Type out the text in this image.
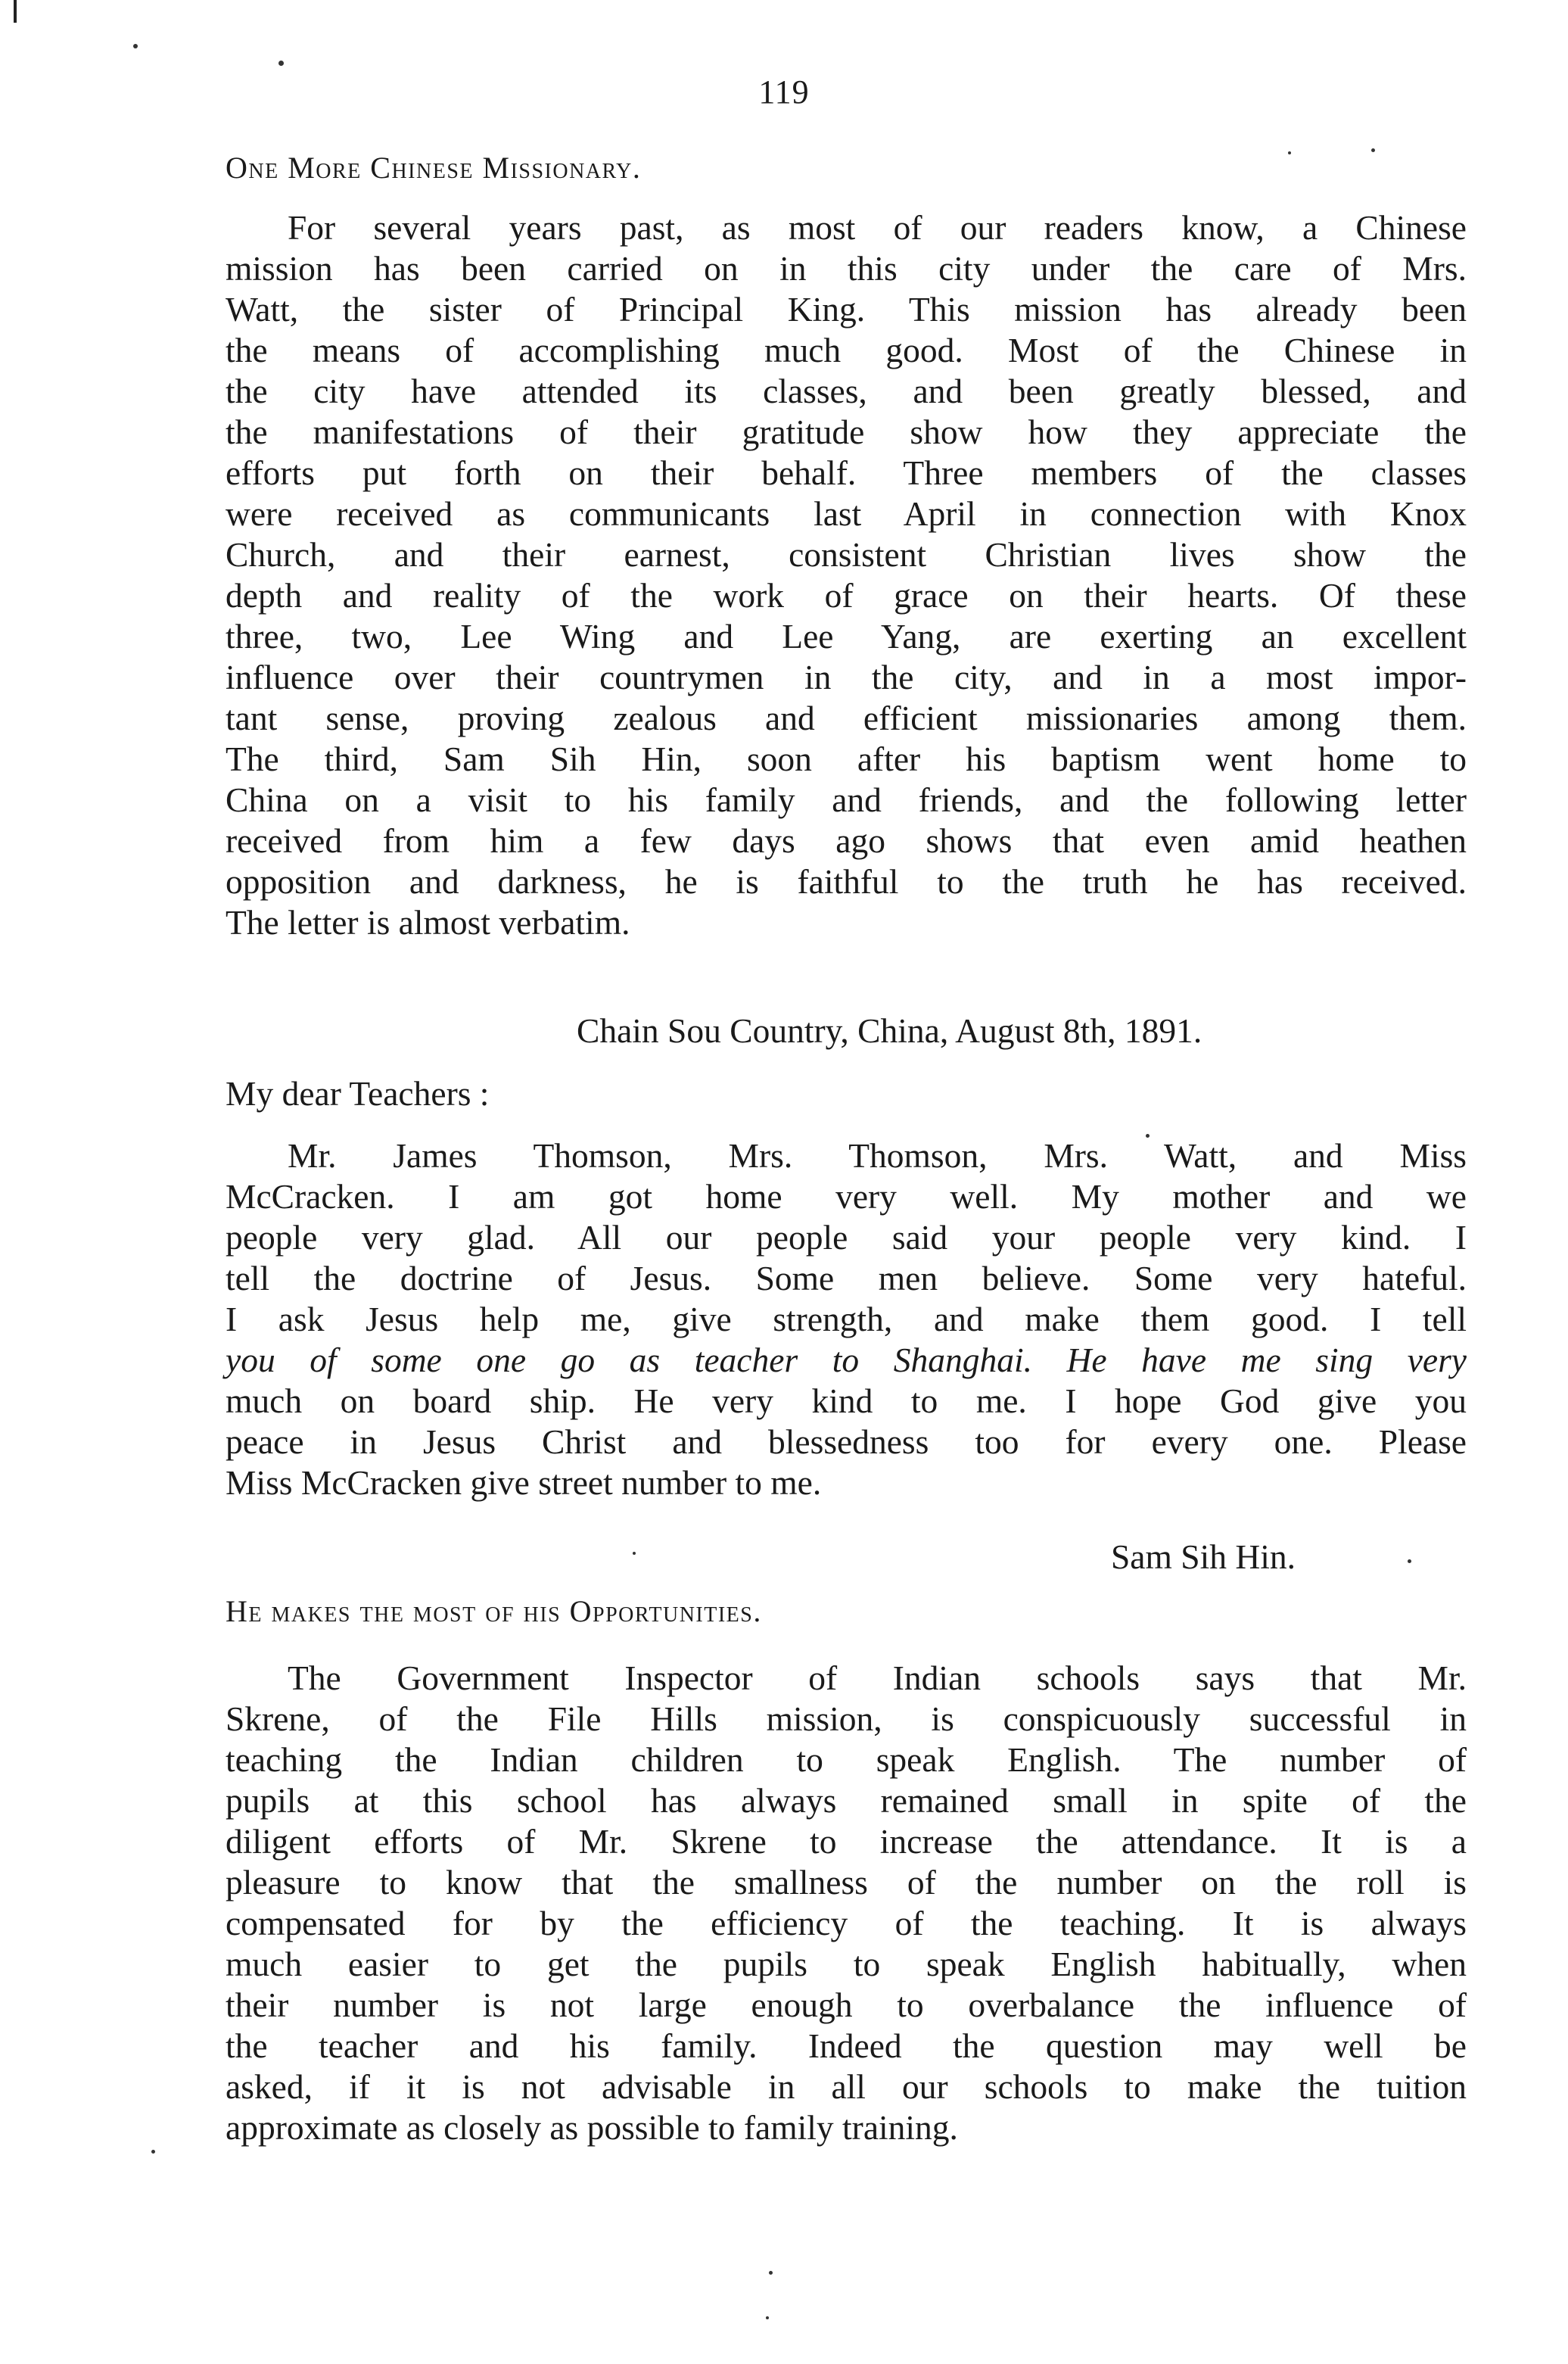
119
One More Chinese Missionary.
For several years past, as most of our readers know, a Chinese
mission has been carried on in this city under the care of Mrs.
Watt, the sister of Principal King. This mission has already been
the means of accomplishing much good. Most of the Chinese in
the city have attended its classes, and been greatly blessed, and
the manifestations of their gratitude show how they appreciate the
efforts put forth on their behalf. Three members of the classes
were received as communicants last April in connection with Knox
Church, and their earnest, consistent Christian lives show the
depth and reality of the work of grace on their hearts. Of these
three, two, Lee Wing and Lee Yang, are exerting an excellent
influence over their countrymen in the city, and in a most impor-
tant sense, proving zealous and efficient missionaries among them.
The third, Sam Sih Hin, soon after his baptism went home to
China on a visit to his family and friends, and the following letter
received from him a few days ago shows that even amid heathen
opposition and darkness, he is faithful to the truth he has received.
The letter is almost verbatim.
Chain Sou Country, China, August 8th, 1891.
My dear Teachers :
Mr. James Thomson, Mrs. Thomson, Mrs. Watt, and Miss
McCracken. I am got home very well. My mother and we
people very glad. All our people said your people very kind. I
tell the doctrine of Jesus. Some men believe. Some very hateful.
I ask Jesus help me, give strength, and make them good. I tell
you of some one go as teacher to Shanghai. He have me sing very
much on board ship. He very kind to me. I hope God give you
peace in Jesus Christ and blessedness too for every one. Please
Miss McCracken give street number to me.
Sam Sih Hin.
He makes the most of his Opportunities.
The Government Inspector of Indian schools says that Mr.
Skrene, of the File Hills mission, is conspicuously successful in
teaching the Indian children to speak English. The number of
pupils at this school has always remained small in spite of the
diligent efforts of Mr. Skrene to increase the attendance. It is a
pleasure to know that the smallness of the number on the roll is
compensated for by the efficiency of the teaching. It is always
much easier to get the pupils to speak English habitually, when
their number is not large enough to overbalance the influence of
the teacher and his family. Indeed the question may well be
asked, if it is not advisable in all our schools to make the tuition
approximate as closely as possible to family training.
